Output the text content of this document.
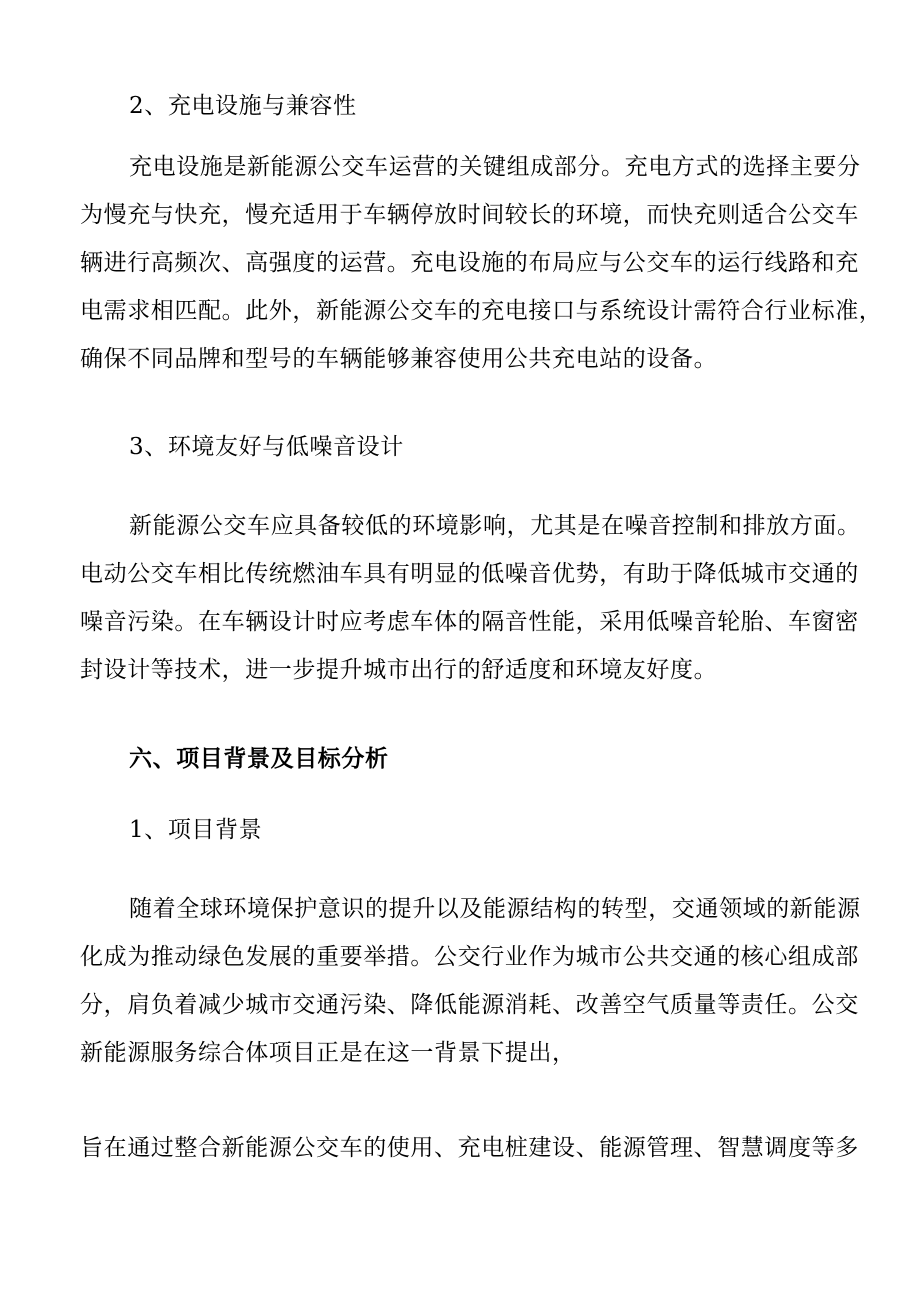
2、充电设施与兼容性
充电设施是新能源公交车运营的关键组成部分。充电方式的选择主要分
为慢充与快充，慢充适用于车辆停放时间较长的环境，而快充则适合公交车
辆进行高频次、高强度的运营。充电设施的布局应与公交车的运行线路和充
电需求相匹配。此外，新能源公交车的充电接口与系统设计需符合行业标准，
确保不同品牌和型号的车辆能够兼容使用公共充电站的设备。
3、环境友好与低噪音设计
新能源公交车应具备较低的环境影响，尤其是在噪音控制和排放方面。
电动公交车相比传统燃油车具有明显的低噪音优势，有助于降低城市交通的
噪音污染。在车辆设计时应考虑车体的隔音性能，采用低噪音轮胎、车窗密
封设计等技术，进一步提升城市出行的舒适度和环境友好度。
六、项目背景及目标分析
1、项目背景
随着全球环境保护意识的提升以及能源结构的转型，交通领域的新能源
化成为推动绿色发展的重要举措。公交行业作为城市公共交通的核心组成部
分，肩负着减少城市交通污染、降低能源消耗、改善空气质量等责任。公交
新能源服务综合体项目正是在这一背景下提出，
旨在通过整合新能源公交车的使用、充电桩建设、能源管理、智慧调度等多
